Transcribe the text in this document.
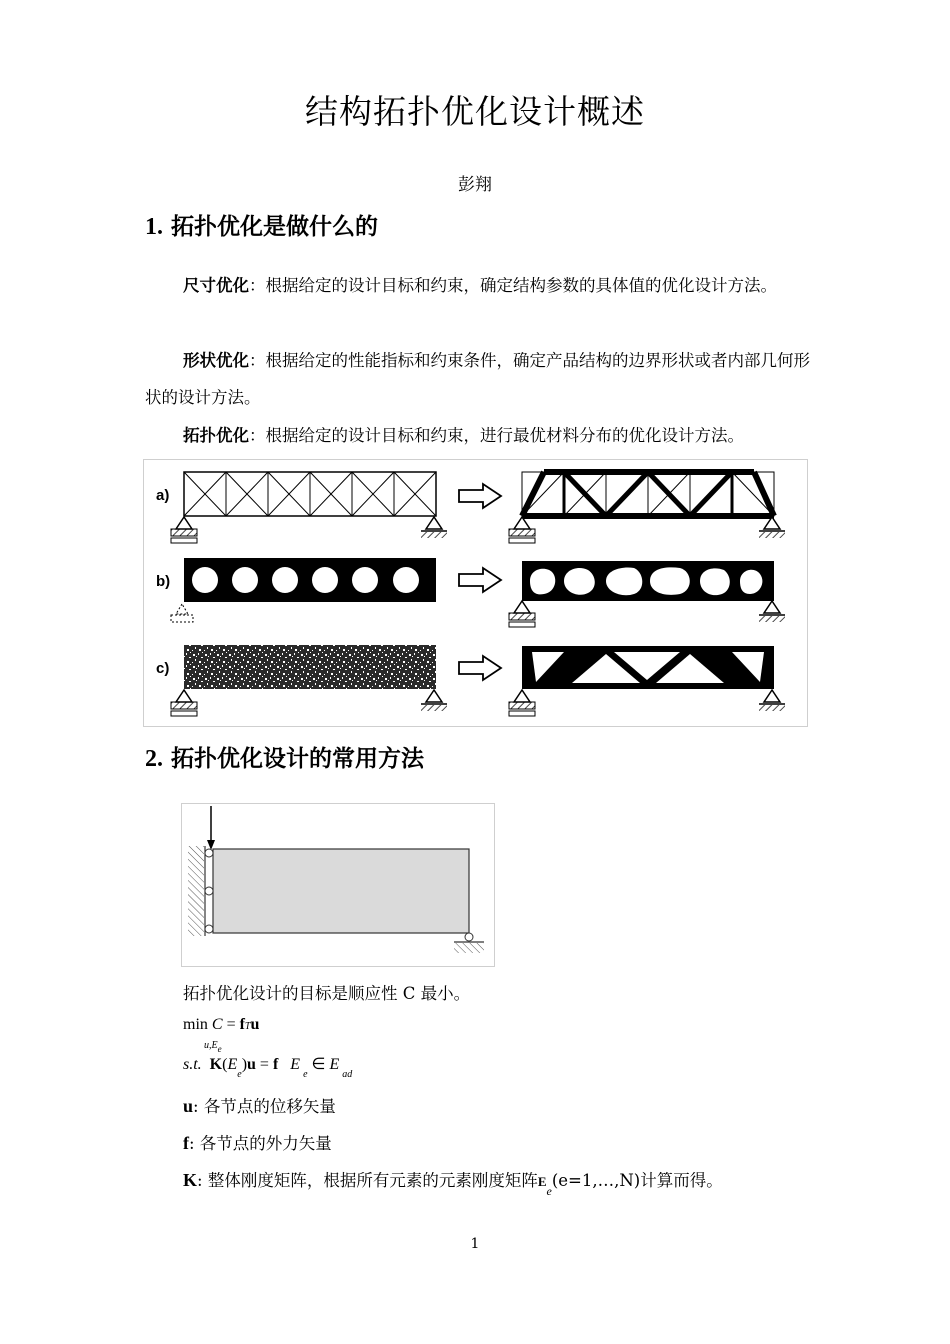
结构拓扑优化设计概述
彭翔
1. 拓扑优化是做什么的
尺寸优化：根据给定的设计目标和约束，确定结构参数的具体值的优化设计方法。
形状优化：根据给定的性能指标和约束条件，确定产品结构的边界形状或者内部几何形状的设计方法。
拓扑优化：根据给定的设计目标和约束，进行最优材料分布的优化设计方法。
a)
b)
c)
2. 拓扑优化设计的常用方法
拓扑优化设计的目标是顺应性 C 最小。
min C = fTu
u,Ee
s.t. $K(E_e)u = f$ $E_e$ ∈ $E_{ad}$
u: 各节点的位移矢量
f: 各节点的外力矢量
K: 整体刚度矩阵，根据所有元素的元素刚度矩阵$E_e(e=1,\dots,N)$计算而得。
1
